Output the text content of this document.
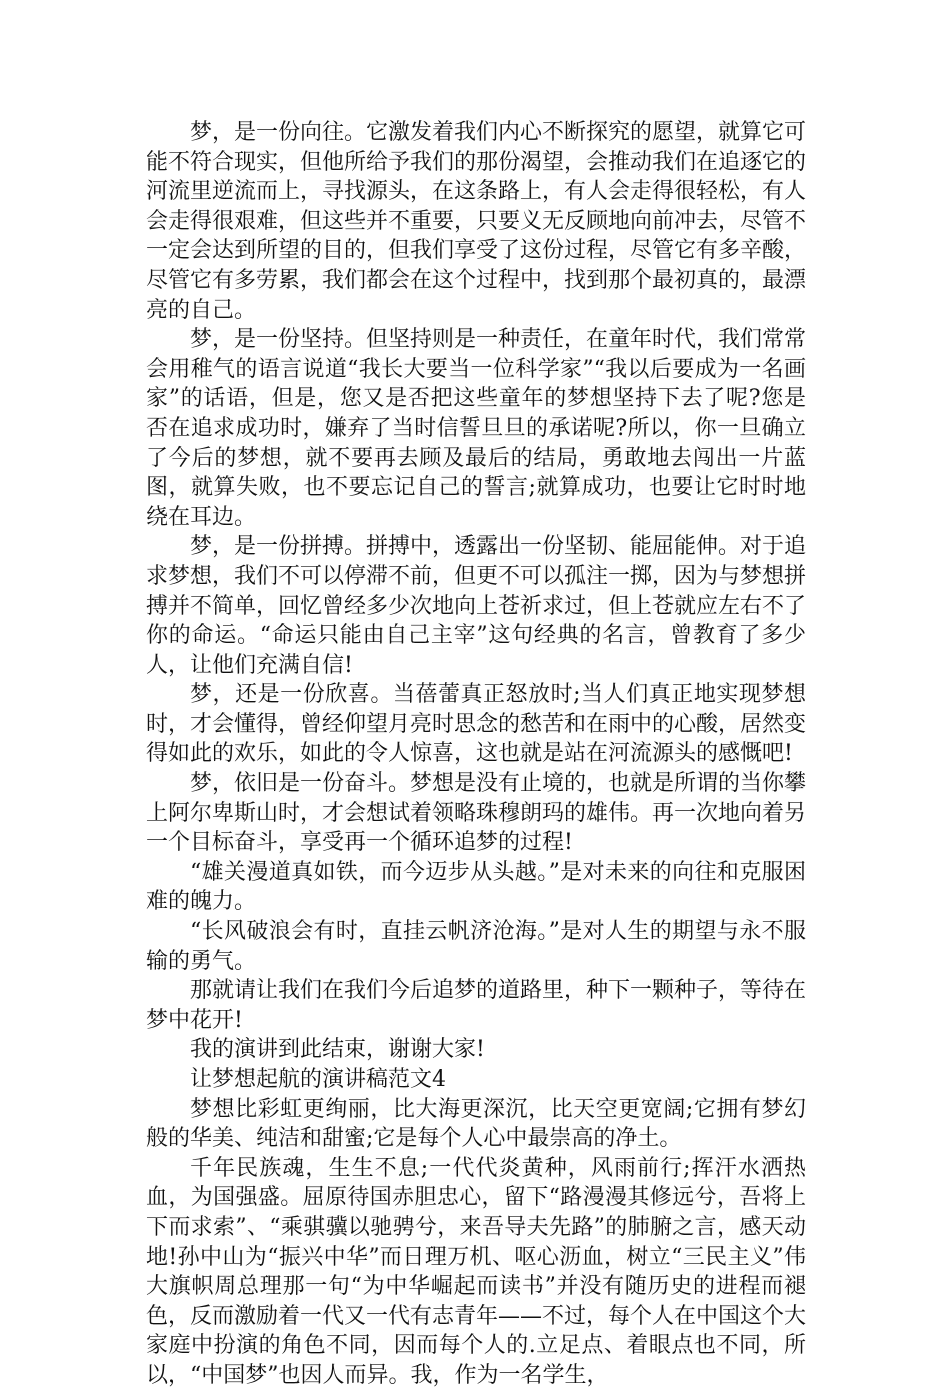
梦，是一份向往。它激发着我们内心不断探究的愿望，就算它可能不符合现实，但他所给予我们的那份渴望，会推动我们在追逐它的河流里逆流而上，寻找源头，在这条路上，有人会走得很轻松，有人会走得很艰难，但这些并不重要，只要义无反顾地向前冲去，尽管不一定会达到所望的目的，但我们享受了这份过程，尽管它有多辛酸，尽管它有多劳累，我们都会在这个过程中，找到那个最初真的，最漂亮的自己。

梦，是一份坚持。但坚持则是一种责任，在童年时代，我们常常会用稚气的语言说道“我长大要当一位科学家”“我以后要成为一名画家”的话语，但是，您又是否把这些童年的梦想坚持下去了呢?您是否在追求成功时，嫌弃了当时信誓旦旦的承诺呢?所以，你一旦确立了今后的梦想，就不要再去顾及最后的结局，勇敢地去闯出一片蓝图，就算失败，也不要忘记自己的誓言;就算成功，也要让它时时地绕在耳边。

梦，是一份拼搏。拼搏中，透露出一份坚韧、能屈能伸。对于追求梦想，我们不可以停滞不前，但更不可以孤注一掷，因为与梦想拼搏并不简单，回忆曾经多少次地向上苍祈求过，但上苍就应左右不了你的命运。“命运只能由自己主宰”这句经典的名言，曾教育了多少人，让他们充满自信!

梦，还是一份欣喜。当蓓蕾真正怒放时;当人们真正地实现梦想时，才会懂得，曾经仰望月亮时思念的愁苦和在雨中的心酸，居然变得如此的欢乐，如此的令人惊喜，这也就是站在河流源头的感慨吧!

梦，依旧是一份奋斗。梦想是没有止境的，也就是所谓的当你攀上阿尔卑斯山时，才会想试着领略珠穆朗玛的雄伟。再一次地向着另一个目标奋斗，享受再一个循环追梦的过程!

“雄关漫道真如铁，而今迈步从头越。”是对未来的向往和克服困难的魄力。

“长风破浪会有时，直挂云帆济沧海。”是对人生的期望与永不服输的勇气。

那就请让我们在我们今后追梦的道路里，种下一颗种子，等待在梦中花开!

我的演讲到此结束，谢谢大家!

让梦想起航的演讲稿范文4

梦想比彩虹更绚丽，比大海更深沉，比天空更宽阔;它拥有梦幻般的华美、纯洁和甜蜜;它是每个人心中最崇高的净土。

千年民族魂，生生不息;一代代炎黄种，风雨前行;挥汗水洒热血，为国强盛。屈原待国赤胆忠心，留下“路漫漫其修远兮，吾将上下而求索”、“乘骐骥以驰骋兮，来吾导夫先路”的肺腑之言，感天动地!孙中山为“振兴中华”而日理万机、呕心沥血，树立“三民主义”伟大旗帜周总理那一句“为中华崛起而读书”并没有随历史的进程而褪色，反而激励着一代又一代有志青年——不过，每个人在中国这个大家庭中扮演的角色不同，因而每个人的.立足点、着眼点也不同，所以，“中国梦”也因人而异。我，作为一名学生，
